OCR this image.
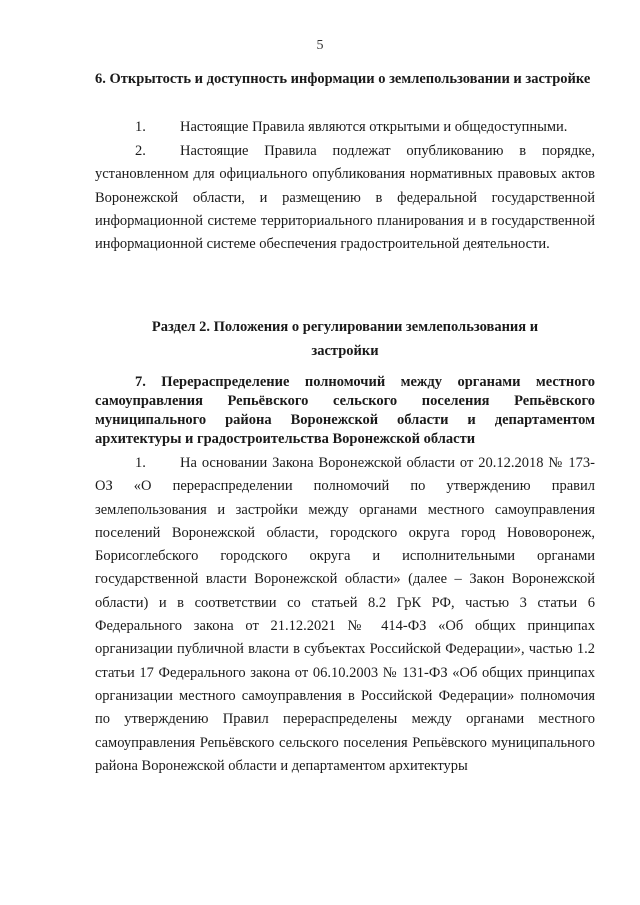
5
6. Открытость и доступность информации о землепользовании и застройке
1. Настоящие Правила являются открытыми и общедоступными.
2. Настоящие Правила подлежат опубликованию в порядке, установленном для официального опубликования нормативных правовых актов Воронежской области, и размещению в федеральной государственной информационной системе территориального планирования и в государственной информационной системе обеспечения градостроительной деятельности.
Раздел 2. Положения о регулировании землепользования и
застройки
7. Перераспределение полномочий между органами местного самоуправления Репьёвского сельского поселения Репьёвского муниципального района Воронежской области и департаментом архитектуры и градостроительства Воронежской области
1. На основании Закона Воронежской области от 20.12.2018 № 173-ОЗ «О перераспределении полномочий по утверждению правил землепользования и застройки между органами местного самоуправления поселений Воронежской области, городского округа город Нововоронеж, Борисоглебского городского округа и исполнительными органами государственной власти Воронежской области» (далее – Закон Воронежской области) и в соответствии со статьей 8.2 ГрК РФ, частью 3 статьи 6 Федерального закона от 21.12.2021 № 414-ФЗ «Об общих принципах организации публичной власти в субъектах Российской Федерации», частью 1.2 статьи 17 Федерального закона от 06.10.2003 № 131-ФЗ «Об общих принципах организации местного самоуправления в Российской Федерации» полномочия по утверждению Правил перераспределены между органами местного самоуправления Репьёвского сельского поселения Репьёвского муниципального района Воронежской области и департаментом архитектуры
